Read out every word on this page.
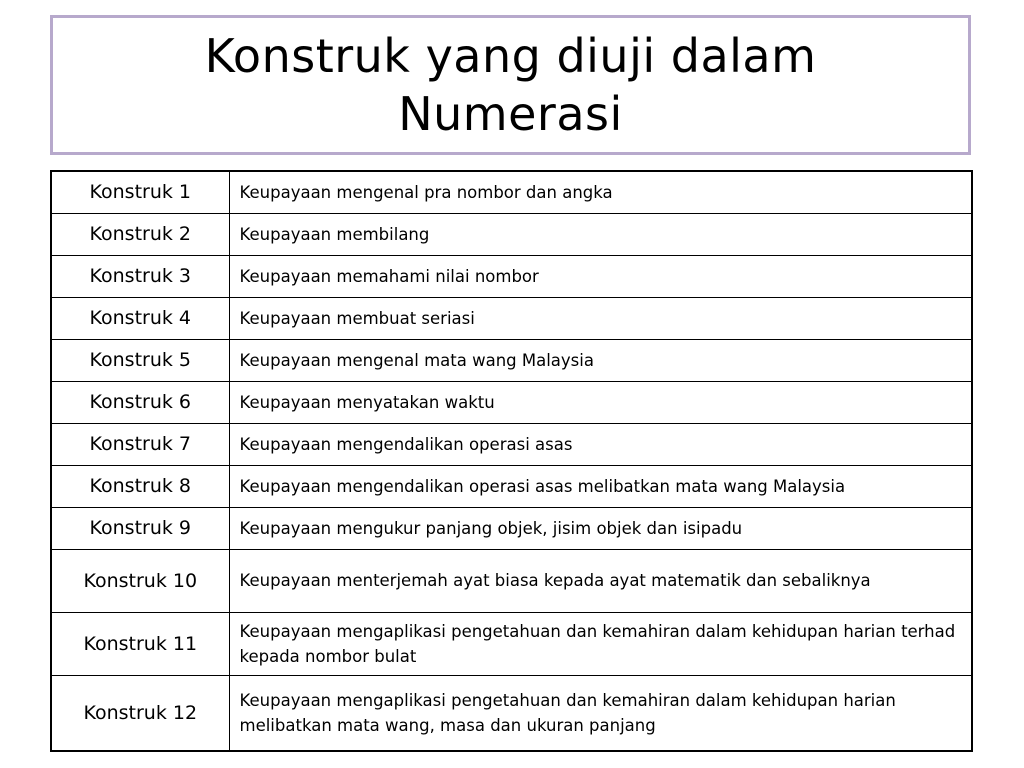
Konstruk yang diuji dalam
Numerasi
Konstruk 1	Keupayaan mengenal pra nombor dan angka
Konstruk 2	Keupayaan membilang
Konstruk 3	Keupayaan memahami nilai nombor
Konstruk 4	Keupayaan membuat seriasi
Konstruk 5	Keupayaan mengenal mata wang Malaysia
Konstruk 6	Keupayaan menyatakan waktu
Konstruk 7	Keupayaan mengendalikan operasi asas
Konstruk 8	Keupayaan mengendalikan operasi asas melibatkan mata wang Malaysia
Konstruk 9	Keupayaan mengukur panjang objek, jisim objek dan isipadu
Konstruk 10	Keupayaan menterjemah ayat biasa kepada ayat matematik dan sebaliknya
Konstruk 11	Keupayaan mengaplikasi pengetahuan dan kemahiran dalam kehidupan harian terhad kepada nombor bulat
Konstruk 12	Keupayaan mengaplikasi pengetahuan dan kemahiran dalam kehidupan harian melibatkan mata wang, masa dan ukuran panjang
